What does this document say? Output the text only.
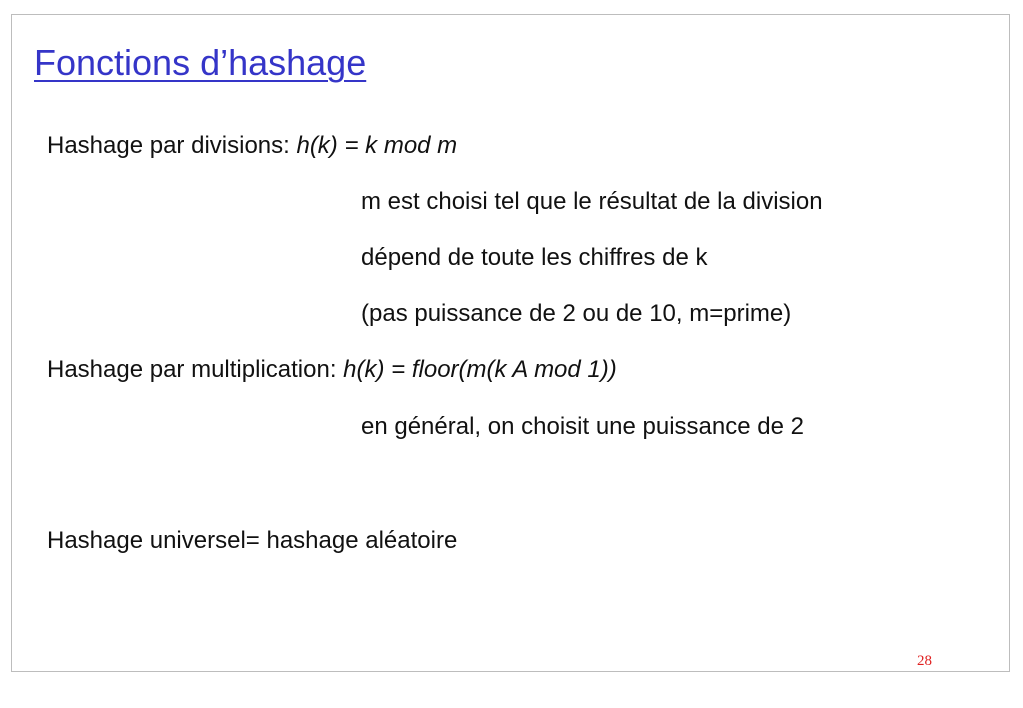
Fonctions d’hashage
Hashage par divisions: h(k) = k mod m
m est choisi tel que le résultat de la division
dépend de toute les chiffres de k
(pas puissance de 2 ou de 10, m=prime)
Hashage par multiplication: h(k) = floor(m(k A mod 1))
en général, on choisit une puissance de 2
Hashage universel= hashage aléatoire
28
